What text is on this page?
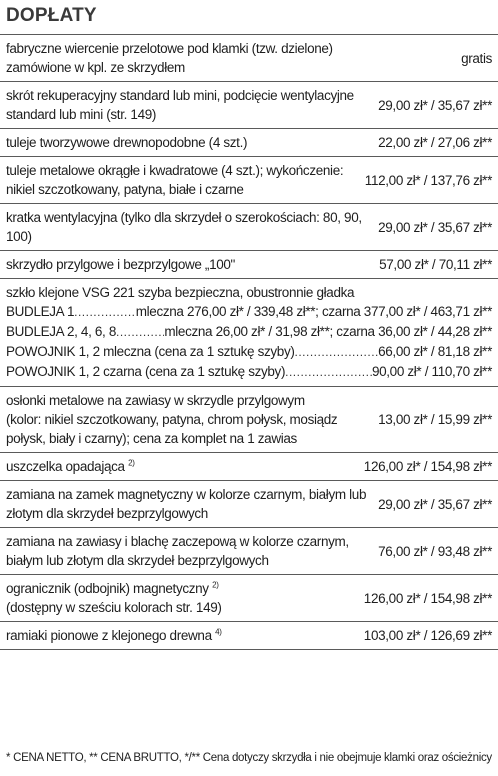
DOPŁATY
fabryczne wiercenie przelotowe pod klamki (tzw. dzielone)
zamówione w kpl. ze skrzydłem
gratis
skrót rekuperacyjny standard lub mini, podcięcie wentylacyjne
standard lub mini (str. 149)
29,00 zł* / 35,67 zł**
tuleje tworzywowe drewnopodobne (4 szt.)	22,00 zł* / 27,06 zł**
tuleje metalowe okrągłe i kwadratowe (4 szt.); wykończenie:
nikiel szczotkowany, patyna, białe i czarne
112,00 zł* / 137,76 zł**
kratka wentylacyjna (tylko dla skrzydeł o szerokościach: 80, 90,
100)
29,00 zł* / 35,67 zł**
skrzydło przylgowe i bezprzylgowe „100"	57,00 zł* / 70,11 zł**
szkło klejone VSG 221 szyba bezpieczna, obustronnie gładka
BUDLEJA 1 .....	mleczna 276,00 zł* / 339,48 zł**; czarna 377,00 zł* / 463,71 zł**
BUDLEJA 2, 4, 6, 8 .....	mleczna 26,00 zł* / 31,98 zł**; czarna 36,00 zł* / 44,28 zł**
POWOJNIK 1, 2 mleczna (cena za 1 sztukę szyby) .....	66,00 zł* / 81,18 zł**
POWOJNIK 1, 2 czarna (cena za 1 sztukę szyby) .....	90,00 zł* / 110,70 zł**
osłonki metalowe na zawiasy w skrzydle przylgowym
(kolor: nikiel szczotkowany, patyna, chrom połysk, mosiądz
połysk, biały i czarny); cena za komplet na 1 zawias
13,00 zł* / 15,99 zł**
uszczelka opadająca $^{2)}$	126,00 zł* / 154,98 zł**
zamiana na zamek magnetyczny w kolorze czarnym, białym lub
złotym dla skrzydeł bezprzylgowych
29,00 zł* / 35,67 zł**
zamiana na zawiasy i blachę zaczepową w kolorze czarnym,
białym lub złotym dla skrzydeł bezprzylgowych
76,00 zł* / 93,48 zł**
ogranicznik (odbojnik) magnetyczny $^{2)}$
(dostępny w sześciu kolorach str. 149)
126,00 zł* / 154,98 zł**
ramiaki pionowe z klejonego drewna $^{4)}$	103,00 zł* / 126,69 zł**
* CENA NETTO, ** CENA BRUTTO, */** Cena dotyczy skrzydła i nie obejmuje klamki oraz ościeżnicy
